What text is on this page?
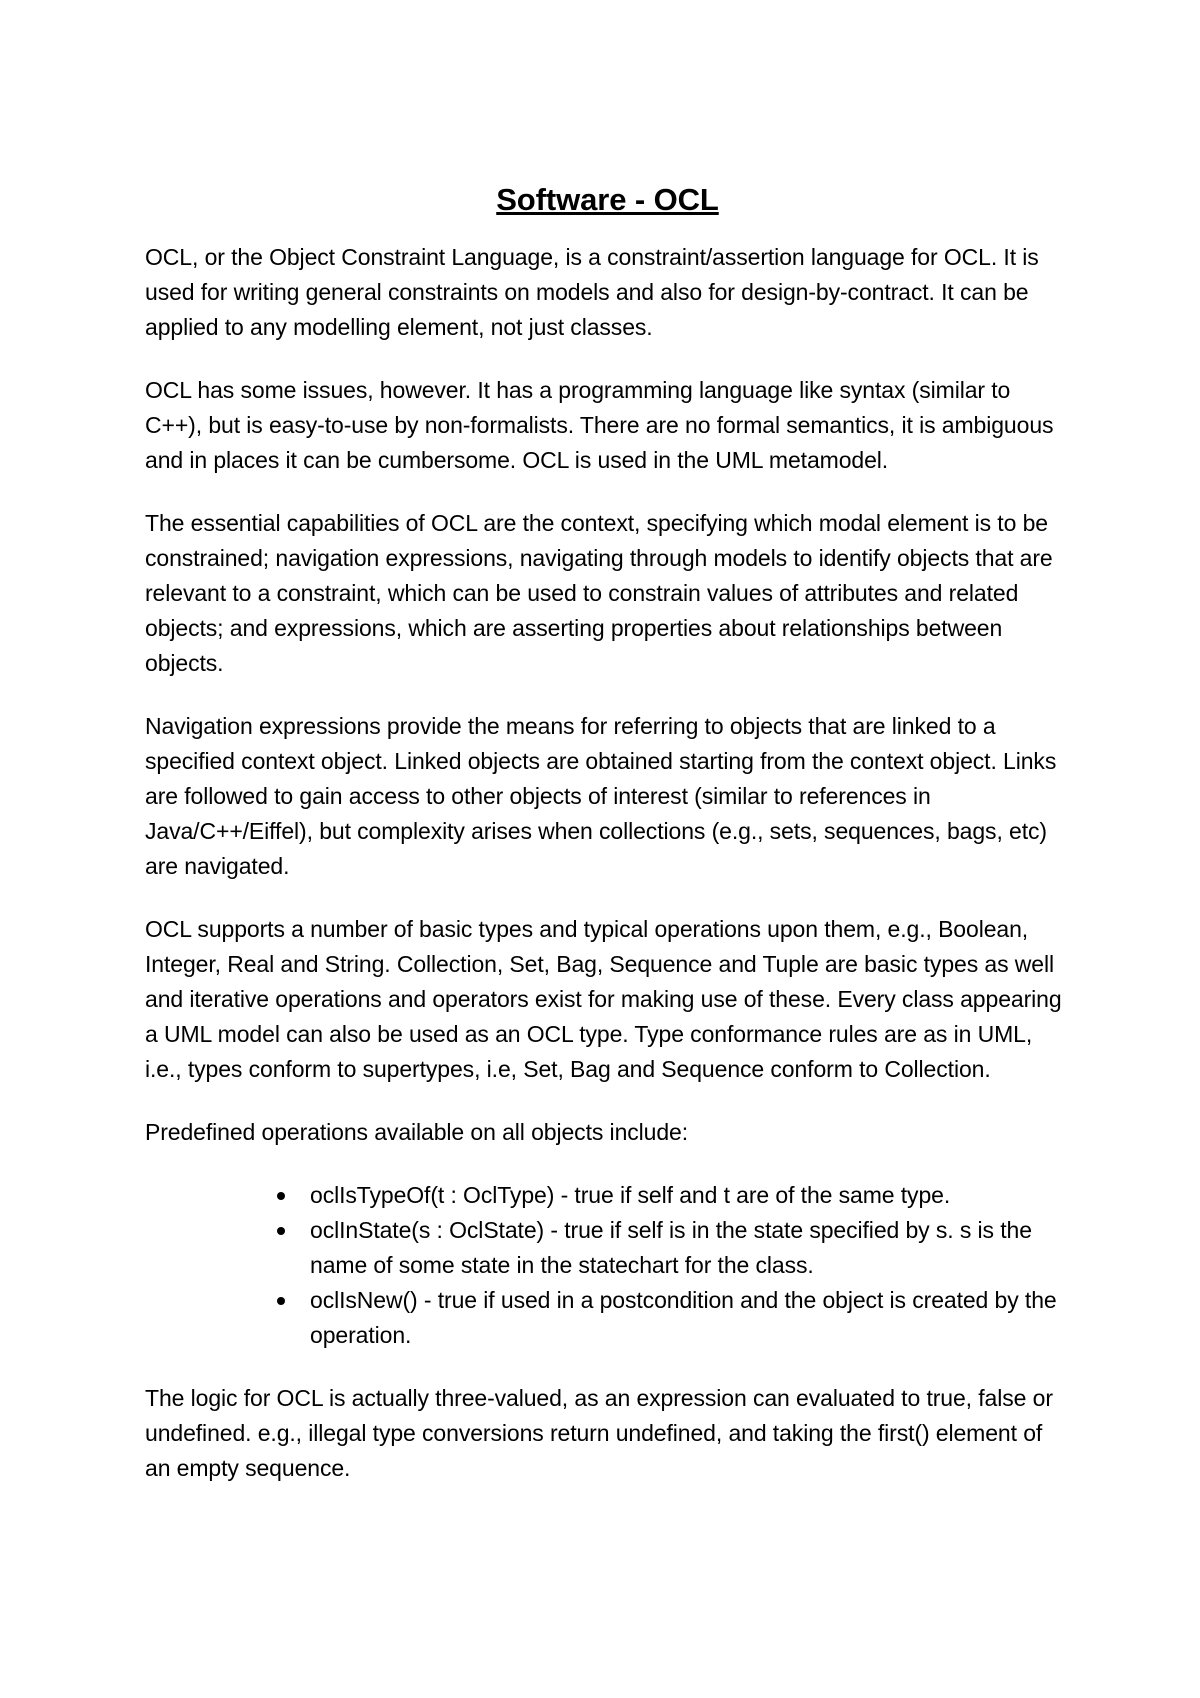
Software - OCL

OCL, or the Object Constraint Language, is a constraint/assertion language for OCL. It is used for writing general constraints on models and also for design-by-contract. It can be applied to any modelling element, not just classes.

OCL has some issues, however. It has a programming language like syntax (similar to C++), but is easy-to-use by non-formalists. There are no formal semantics, it is ambiguous and in places it can be cumbersome. OCL is used in the UML metamodel.

The essential capabilities of OCL are the context, specifying which modal element is to be constrained; navigation expressions, navigating through models to identify objects that are relevant to a constraint, which can be used to constrain values of attributes and related objects; and expressions, which are asserting properties about relationships between objects.

Navigation expressions provide the means for referring to objects that are linked to a specified context object. Linked objects are obtained starting from the context object. Links are followed to gain access to other objects of interest (similar to references in Java/C++/Eiffel), but complexity arises when collections (e.g., sets, sequences, bags, etc) are navigated.

OCL supports a number of basic types and typical operations upon them, e.g., Boolean, Integer, Real and String. Collection, Set, Bag, Sequence and Tuple are basic types as well and iterative operations and operators exist for making use of these. Every class appearing a UML model can also be used as an OCL type. Type conformance rules are as in UML, i.e., types conform to supertypes, i.e, Set, Bag and Sequence conform to Collection.

Predefined operations available on all objects include:

oclIsTypeOf(t : OclType) - true if self and t are of the same type.
oclInState(s : OclState) - true if self is in the state specified by s. s is the name of some state in the statechart for the class.
oclIsNew() - true if used in a postcondition and the object is created by the operation.

The logic for OCL is actually three-valued, as an expression can evaluated to true, false or undefined. e.g., illegal type conversions return undefined, and taking the first() element of an empty sequence.
